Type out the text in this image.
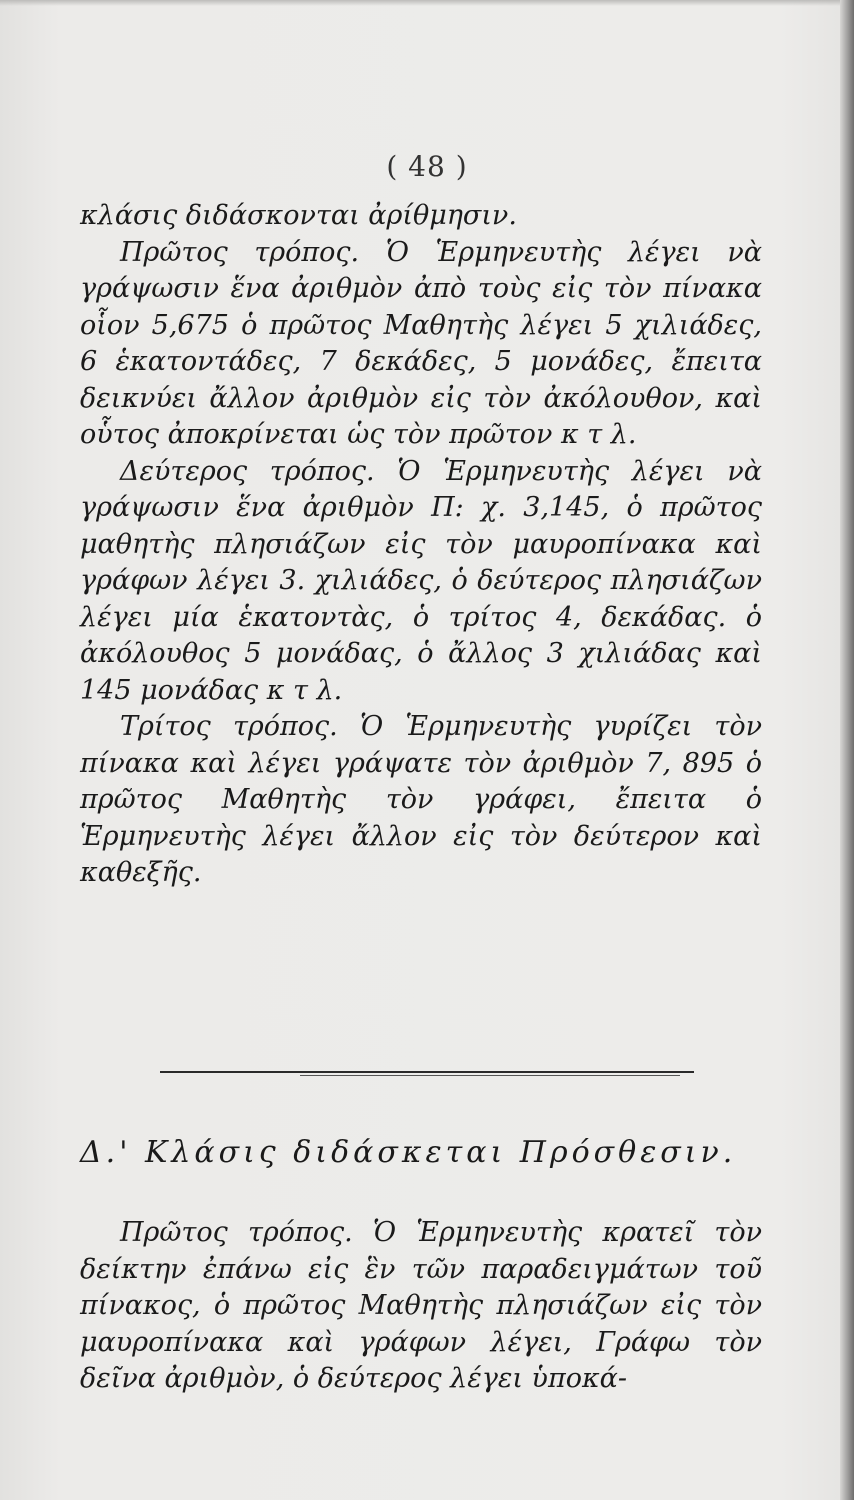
( 48 )

κλάσις διδάσκονται ἀρίθμησιν.

Πρῶτος τρόπος. Ὁ Ἑρμηνευτὴς λέγει νὰ γράψωσιν ἕνα ἀριθμὸν ἀπὸ τοὺς εἰς τὸν πίνακα οἷον 5,675 ὁ πρῶτος Μαθητὴς λέγει 5 χιλιάδες, 6 ἑκατοντάδες, 7 δεκάδες, 5 μονάδες, ἔπειτα δεικνύει ἄλλον ἀριθμὸν εἰς τὸν ἀκόλουθον, καὶ οὗτος ἀποκρίνεται ὡς τὸν πρῶτον κ τ λ.

Δεύτερος τρόπος. Ὁ Ἑρμηνευτὴς λέγει νὰ γράψωσιν ἕνα ἀριθμὸν Π: χ. 3,145, ὁ πρῶτος μαθητὴς πλησιάζων εἰς τὸν μαυροπίνακα καὶ γράφων λέγει 3. χιλιάδες, ὁ δεύτερος πλησιάζων λέγει μία ἑκατοντὰς, ὁ τρίτος 4, δεκάδας. ὁ ἀκόλουθος 5 μονάδας, ὁ ἄλλος 3 χιλιάδας καὶ 145 μονάδας κ τ λ.

Τρίτος τρόπος. Ὁ Ἑρμηνευτὴς γυρίζει τὸν πίνακα καὶ λέγει γράψατε τὸν ἀριθμὸν 7, 895 ὁ πρῶτος Μαθητὴς τὸν γράφει, ἔπειτα ὁ Ἑρμηνευτὴς λέγει ἄλλον εἰς τὸν δεύτερον καὶ καθεξῆς.

Δ.' Κλάσις διδάσκεται Πρόσθεσιν.

Πρῶτος τρόπος. Ὁ Ἑρμηνευτὴς κρατεῖ τὸν δείκτην ἐπάνω εἰς ἓν τῶν παραδειγμάτων τοῦ πίνακος, ὁ πρῶτος Μαθητὴς πλησιάζων εἰς τὸν μαυροπίνακα καὶ γράφων λέγει, Γράφω τὸν δεῖνα ἀριθμὸν, ὁ δεύτερος λέγει ὑποκά-
